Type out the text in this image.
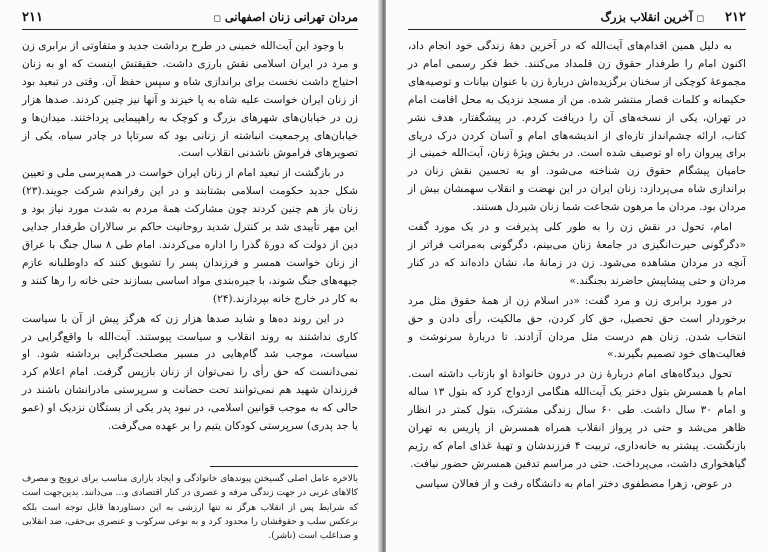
٢١١	مردان تهرانی زنان اصفهانی◻

با وجود این آیت‌الله خمینی در طرح برداشت جدید و متفاوتی از برابری زن و مرد در ایران اسلامی نقش بارزی داشت. حقیقتش اینست که او به زنان احتیاج داشت نخست برای براندازی شاه و سپس حفظ آن. وقتی در تبعید بود از زنان ایران خواست علیه شاه به پا خیزند و آنها نیز چنین کردند. صدها هزار زن در خیابان‌های شهرهای بزرگ و کوچک به راهپیمایی پرداختند. میدان‌ها و خیابان‌های پرجمعیت انباشته از زنانی بود که سرتاپا در چادر سیاه، یکی از تصویرهای فراموش ناشدنی انقلاب است.

در بازگشت از تبعید امام از زنان ایران خواست در همه‌پرسی ملی و تعیین شکل جدید حکومت اسلامی بشتابند و در این رفراندم شرکت جویند.(۲۳) زنان باز هم چنین کردند چون مشارکت همهٔ مردم به شدت مورد نیاز بود و این مهر تأییدی شد بر کنترل شدید روحانیت حاکم بر سالاران طرفدار جدایی دین از دولت که دورهٔ گذرا را اداره می‌کردند. امام طی ۸ سال جنگ با عراق از زنان خواست همسر و فرزندان پسر را تشویق کنند که داوطلبانه عازم جبهه‌های جنگ شوند، با جیره‌بندی مواد اساسی بسازند حتی خانه را رها کنند و به کار در خارج خانه بپردازند.(۲۴)

در این روند ده‌ها و شاید صدها هزار زن که هرگز پیش از آن با سیاست کاری نداشتند به روند انقلاب و سیاست پیوستند. آیت‌الله با واقع‌گرایی در سیاست، موجب شد گام‌هایی در مسیر مصلحت‌گرایی برداشته شود. او نمی‌دانست که حق رأی را نمی‌توان از زنان بازپس گرفت. امام اعلام کرد فرزندان شهید هم نمی‌توانند تحت حضانت و سرپرستی مادرانشان باشند در حالی که به موجب قوانین اسلامی، در نبود پدر یکی از بستگان نزدیک او (عمو یا جد پدری) سرپرستی کودکان یتیم را بر عهده می‌گرفت.

بالاخره عامل اصلی گسیختن پیوندهای خانوادگی و ایجاد بازاری مناسب برای ترویج و مصرف کالاهای غربی در جهت زندگی مرفه و عصری در کنار اقتصادی و... می‌دانند. بدین‌جهت است که شرایط پس از انقلاب هرگز نه تنها ارزشی به این دستاوردها قابل توجه است بلکه برعکس سلب و حقوقشان را محدود کرد و به نوعی سرکوب و عنصری بی‌حقی، ضد انقلابی و ضداغلب است (ناشر).
٢١٢
◻آخرین انقلاب بزرگ

به دلیل همین اقدام‌های آیت‌الله که در آخرین دههٔ زندگی خود انجام داد، اکنون امام را طرفدار حقوق زن قلمداد می‌کنند. خط فکر رسمی امام در مجموعهٔ کوچکی از سخنان برگزیده‌اش دربارهٔ زن با عنوان بیانات و توصیه‌های حکیمانه و کلمات قصار منتشر شده. من از مسجد نزدیک به محل اقامت امام در تهران، یکی از نسخه‌های آن را دریافت کردم. در پیشگفتار، هدف نشر کتاب، ارائه چشم‌انداز تازه‌ای از اندیشه‌های امام و آسان کردن درک دریای برای پیروان راه او توصیف شده است. در بخش ویژهٔ زنان، آیت‌الله خمینی از حامیان پیشگام حقوق زن شناخته می‌شود. او به تحسین نقش زنان در براندازی شاه می‌پردازد: زنان ایران در این نهضت و انقلاب سهمشان بیش از مردان بود. مردان ما مرهون شجاعت شما زنان شیردل هستند.

امام، تحول در نقش زن را به طور کلی پذیرفت و در یک مورد گفت «دگرگونی حیرت‌انگیزی در جامعهٔ زنان می‌بینم، دگرگونی به‌مراتب فراتر از آنچه در مردان مشاهده می‌شود. زن در زمانهٔ ما، نشان داده‌اند که در کنار مردان و حتی پیشاپیش حاضرند بجنگند.»

در مورد برابری زن و مرد گفت: «در اسلام زن از همهٔ حقوق مثل مرد برخوردار است حق تحصیل، حق کار کردن، حق مالکیت، رأی دادن و حق انتخاب شدن. زنان هم درست مثل مردان آزادند. تا دربارهٔ سرنوشت و فعالیت‌های خود تصمیم بگیرند.»

تحول دیدگاه‌های امام دربارهٔ زن در درون خانوادهٔ او بازتاب داشته است. امام با همسرش بتول دختر یک آیت‌الله هنگامی ازدواج کرد که بتول ۱۳ ساله و امام ۳۰ سال داشت. طی ۶۰ سال زندگی مشترک، بتول کمتر در انظار ظاهر می‌شد و حتی در پرواز انقلاب همراه همسرش از پاریس به تهران بازنگشت. پیشتر به خانه‌داری، تربیت ۴ فرزندشان و تهیهٔ غذای امام که رژیم گیاهخواری داشت، می‌پرداخت. حتی در مراسم تدفین همسرش حضور نیافت.

در عوض، زهرا مصطفوی دختر امام به دانشگاه رفت و از فعالان سیاسی
